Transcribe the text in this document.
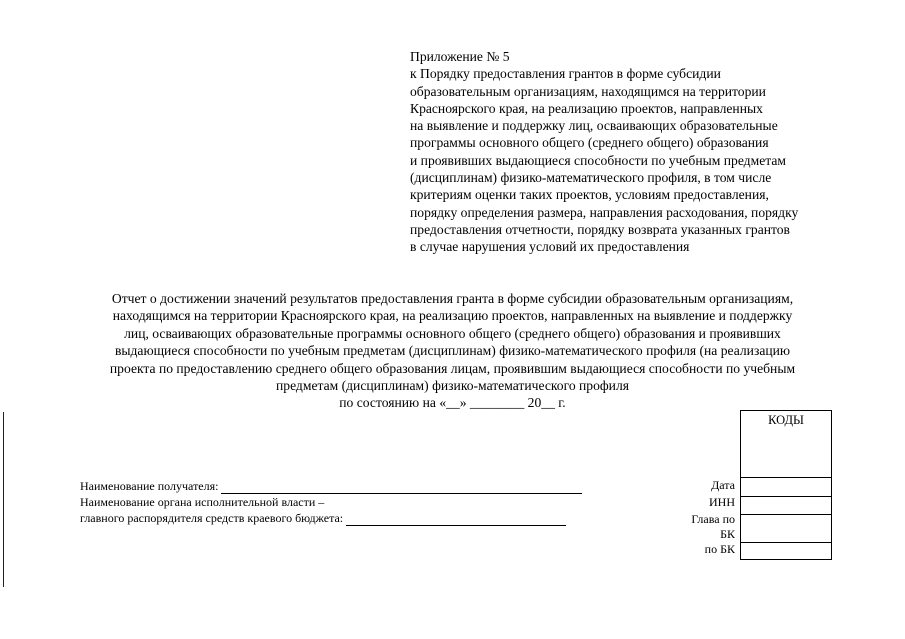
Приложение № 5
к Порядку предоставления грантов в форме субсидии
образовательным организациям, находящимся на территории
Красноярского края, на реализацию проектов, направленных
на выявление и поддержку лиц, осваивающих образовательные
программы основного общего (среднего общего) образования
и проявивших выдающиеся способности по учебным предметам
(дисциплинам) физико-математического профиля, в том числе
критериям оценки таких проектов, условиям предоставления,
порядку определения размера, направления расходования, порядку
предоставления отчетности, порядку возврата указанных грантов
в случае нарушения условий их предоставления
Отчет о достижении значений результатов предоставления гранта в форме субсидии образовательным организациям,
находящимся на территории Красноярского края, на реализацию проектов, направленных на выявление и поддержку
лиц, осваивающих образовательные программы основного общего (среднего общего) образования и проявивших
выдающиеся способности по учебным предметам (дисциплинам) физико-математического профиля (на реализацию
проекта по предоставлению среднего общего образования лицам, проявившим выдающиеся способности по учебным
предметам (дисциплинам) физико-математического профиля
по состоянию на «__» ________ 20__ г.
Наименование получателя:
Наименование органа исполнительной власти –
главного распорядителя средств краевого бюджета:
Дата
ИНН
Глава по
БК
по БК
КОДЫ
